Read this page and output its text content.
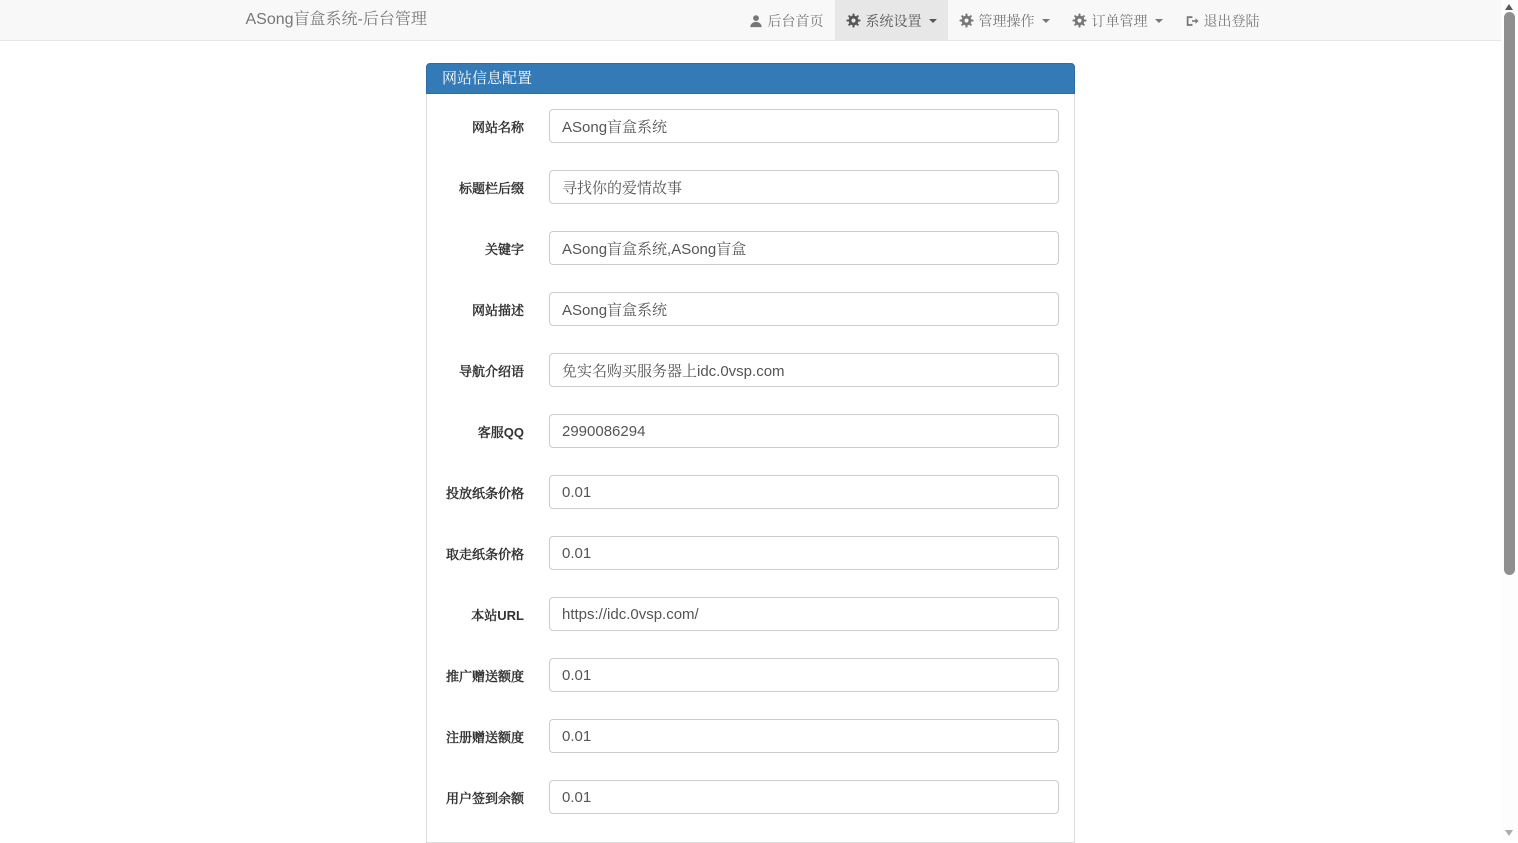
ASong盲盒系统-后台管理	后台首页	系统设置	管理操作	订单管理	退出登陆
网站信息配置
网站名称
ASong盲盒系统
标题栏后缀
寻找你的爱情故事
关键字
ASong盲盒系统,ASong盲盒
网站描述
ASong盲盒系统
导航介绍语
免实名购买服务器上idc.0vsp.com
客服QQ
2990086294
投放纸条价格
0.01
取走纸条价格
0.01
本站URL
https://idc.0vsp.com/
推广赠送额度
0.01
注册赠送额度
0.01
用户签到余额
0.01
